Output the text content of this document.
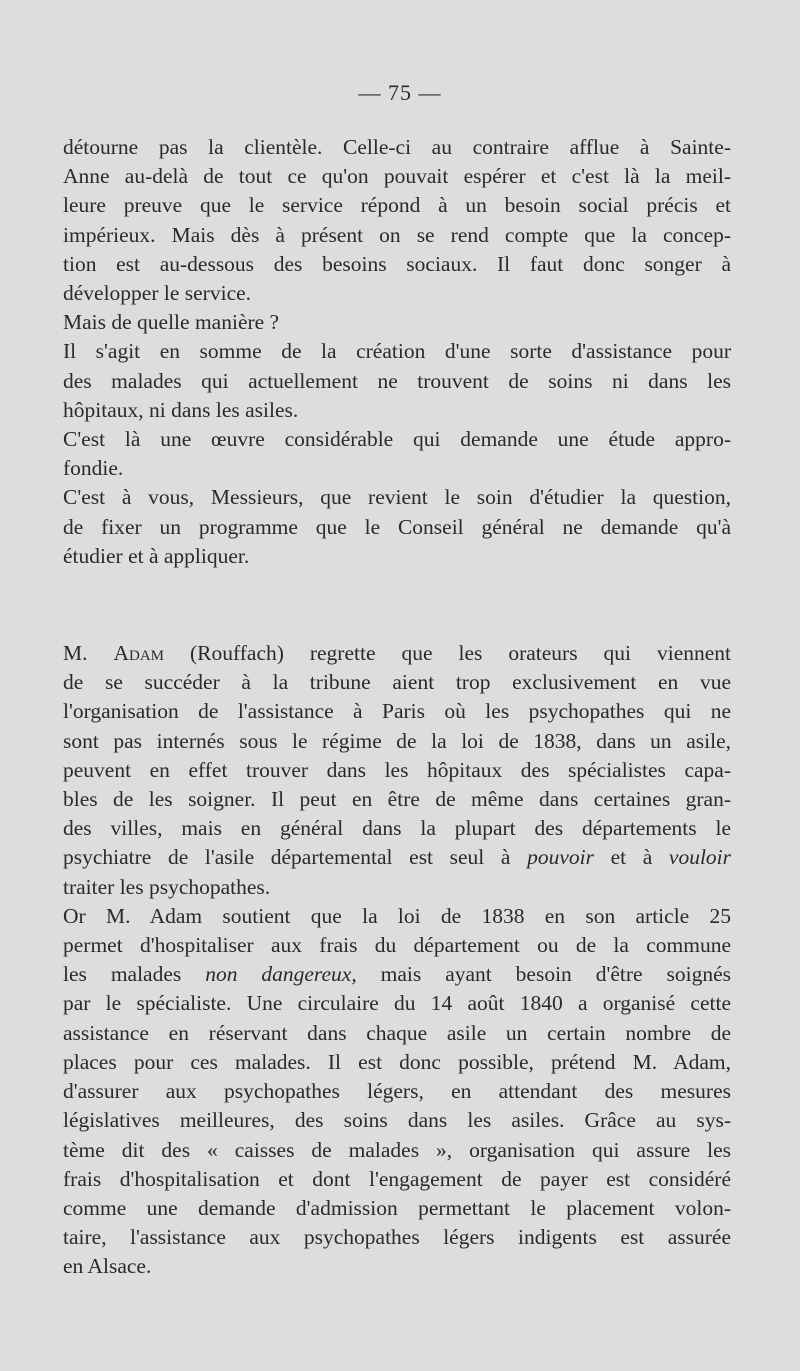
— 75 —
détourne pas la clientèle. Celle-ci au contraire afflue à Sainte-
Anne au-delà de tout ce qu'on pouvait espérer et c'est là la meil-
leure preuve que le service répond à un besoin social précis et
impérieux. Mais dès à présent on se rend compte que la concep-
tion est au-dessous des besoins sociaux. Il faut donc songer à
développer le service.
Mais de quelle manière ?
Il s'agit en somme de la création d'une sorte d'assistance pour
des malades qui actuellement ne trouvent de soins ni dans les
hôpitaux, ni dans les asiles.
C'est là une œuvre considérable qui demande une étude appro-
fondie.
C'est à vous, Messieurs, que revient le soin d'étudier la question,
de fixer un programme que le Conseil général ne demande qu'à
étudier et à appliquer.
M. Adam (Rouffach) regrette que les orateurs qui viennent
de se succéder à la tribune aient trop exclusivement en vue
l'organisation de l'assistance à Paris où les psychopathes qui ne
sont pas internés sous le régime de la loi de 1838, dans un asile,
peuvent en effet trouver dans les hôpitaux des spécialistes capa-
bles de les soigner. Il peut en être de même dans certaines gran-
des villes, mais en général dans la plupart des départements le
psychiatre de l'asile départemental est seul à pouvoir et à vouloir
traiter les psychopathes.
Or M. Adam soutient que la loi de 1838 en son article 25
permet d'hospitaliser aux frais du département ou de la commune
les malades non dangereux, mais ayant besoin d'être soignés
par le spécialiste. Une circulaire du 14 août 1840 a organisé cette
assistance en réservant dans chaque asile un certain nombre de
places pour ces malades. Il est donc possible, prétend M. Adam,
d'assurer aux psychopathes légers, en attendant des mesures
législatives meilleures, des soins dans les asiles. Grâce au sys-
tème dit des « caisses de malades », organisation qui assure les
frais d'hospitalisation et dont l'engagement de payer est considéré
comme une demande d'admission permettant le placement volon-
taire, l'assistance aux psychopathes légers indigents est assurée
en Alsace.
